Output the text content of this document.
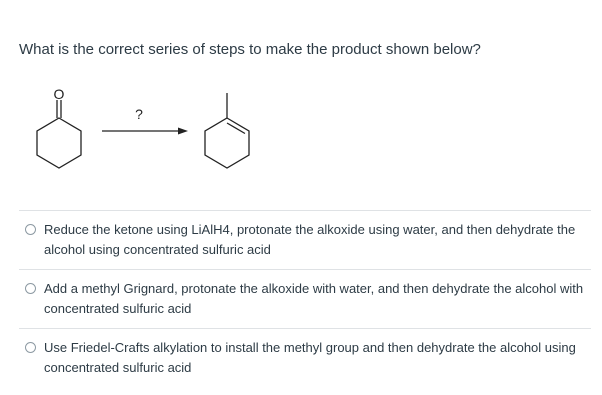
What is the correct series of steps to make the product shown below?
O
?
Reduce the ketone using LiAlH4, protonate the alkoxide using water, and then dehydrate the alcohol using concentrated sulfuric acid
Add a methyl Grignard, protonate the alkoxide with water, and then dehydrate the alcohol with concentrated sulfuric acid
Use Friedel-Crafts alkylation to install the methyl group and then dehydrate the alcohol using concentrated sulfuric acid
